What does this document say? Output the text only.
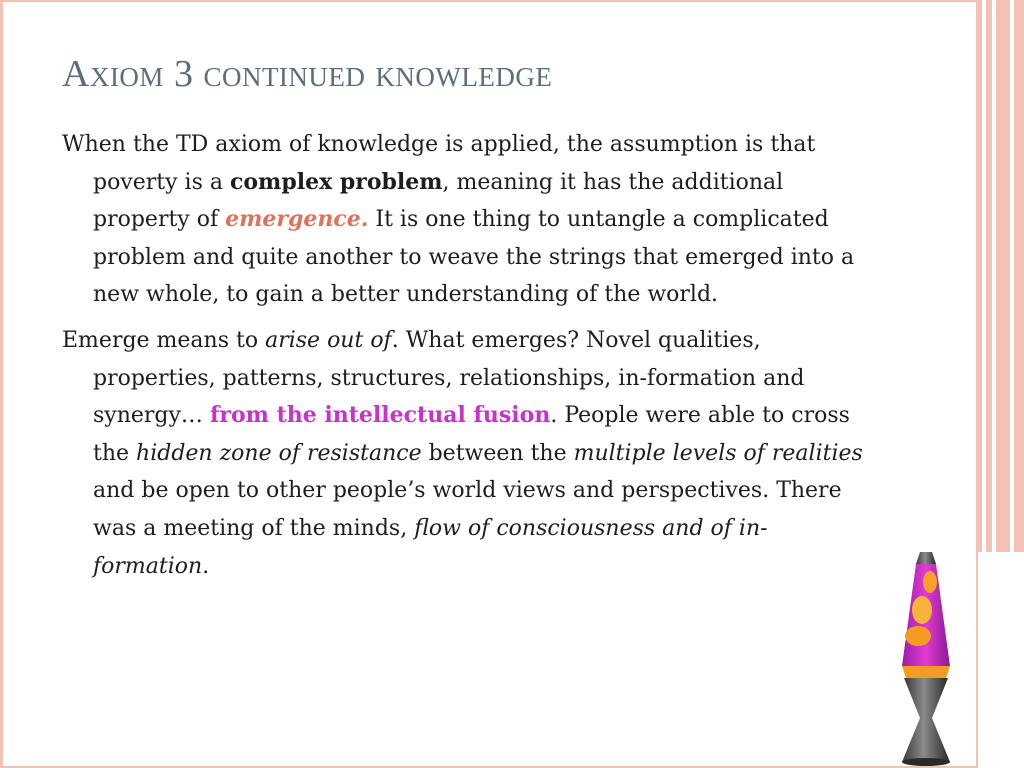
Axiom 3 continued knowledge

When the TD axiom of knowledge is applied, the assumption is that poverty is a complex problem, meaning it has the additional property of emergence. It is one thing to untangle a complicated problem and quite another to weave the strings that emerged into a new whole, to gain a better understanding of the world.

Emerge means to arise out of. What emerges? Novel qualities, properties, patterns, structures, relationships, in-formation and synergy… from the intellectual fusion. People were able to cross the hidden zone of resistance between the multiple levels of realities and be open to other people’s world views and perspectives. There was a meeting of the minds, flow of consciousness and of in-formation.
